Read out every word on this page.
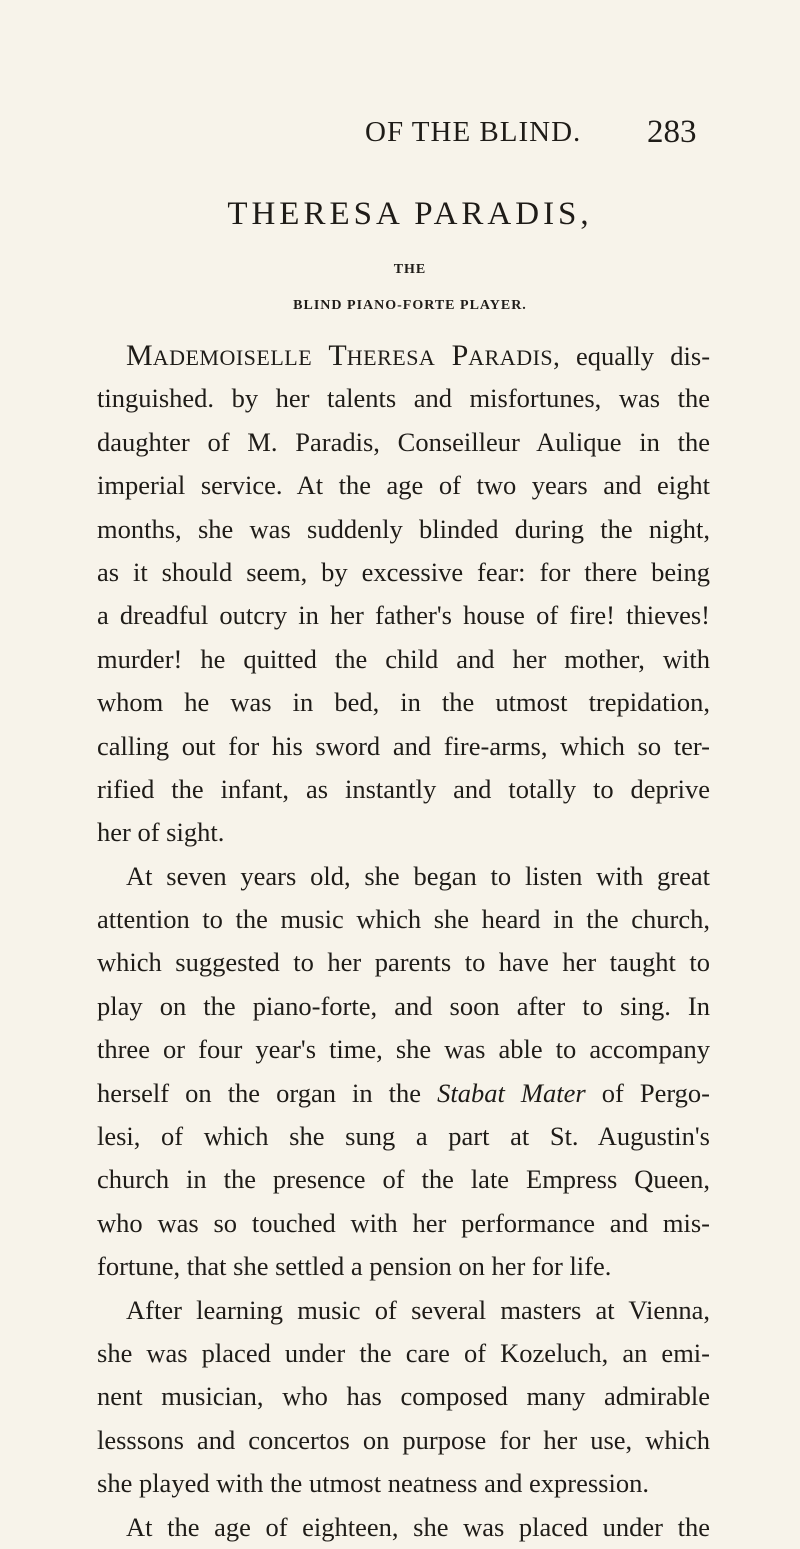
OF THE BLIND. 283
THERESA PARADIS,
THE
BLIND PIANO-FORTE PLAYER.
MADEMOISELLE THERESA PARADIS, equally dis-
tinguished. by her talents and misfortunes, was the
daughter of M. Paradis, Conseilleur Aulique in the
imperial service. At the age of two years and eight
months, she was suddenly blinded during the night,
as it should seem, by excessive fear: for there being
a dreadful outcry in her father's house of fire! thieves!
murder! he quitted the child and her mother, with
whom he was in bed, in the utmost trepidation,
calling out for his sword and fire-arms, which so ter-
rified the infant, as instantly and totally to deprive
her of sight.
At seven years old, she began to listen with great
attention to the music which she heard in the church,
which suggested to her parents to have her taught to
play on the piano-forte, and soon after to sing. In
three or four year's time, she was able to accompany
herself on the organ in the Stabat Mater of Pergo-
lesi, of which she sung a part at St. Augustin's
church in the presence of the late Empress Queen,
who was so touched with her performance and mis-
fortune, that she settled a pension on her for life.
After learning music of several masters at Vienna,
she was placed under the care of Kozeluch, an emi-
nent musician, who has composed many admirable
lesssons and concertos on purpose for her use, which
she played with the utmost neatness and expression.
At the age of eighteen, she was placed under the
